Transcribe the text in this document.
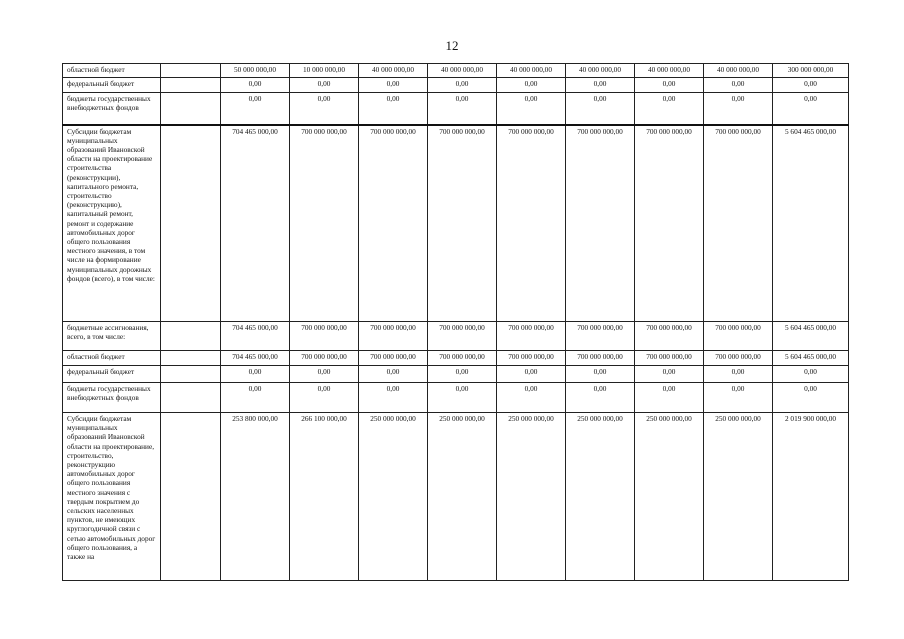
12
областной бюджет		50 000 000,00	10 000 000,00	40 000 000,00	40 000 000,00	40 000 000,00	40 000 000,00	40 000 000,00	40 000 000,00	300 000 000,00
федеральный бюджет		0,00	0,00	0,00	0,00	0,00	0,00	0,00	0,00	0,00
бюджеты государственных внебюджетных фондов		0,00	0,00	0,00	0,00	0,00	0,00	0,00	0,00	0,00
Субсидии бюджетам муниципальных образований Ивановской области на проектирование строительства (реконструкции), капитального ремонта, строительство (реконструкцию), капитальный ремонт, ремонт и содержание автомобильных дорог общего пользования местного значения, в том числе на формирование муниципальных дорожных фондов (всего), в том числе:		704 465 000,00	700 000 000,00	700 000 000,00	700 000 000,00	700 000 000,00	700 000 000,00	700 000 000,00	700 000 000,00	5 604 465 000,00
бюджетные ассигнования, всего, в том числе:		704 465 000,00	700 000 000,00	700 000 000,00	700 000 000,00	700 000 000,00	700 000 000,00	700 000 000,00	700 000 000,00	5 604 465 000,00
областной бюджет		704 465 000,00	700 000 000,00	700 000 000,00	700 000 000,00	700 000 000,00	700 000 000,00	700 000 000,00	700 000 000,00	5 604 465 000,00
федеральный бюджет		0,00	0,00	0,00	0,00	0,00	0,00	0,00	0,00	0,00
бюджеты государственных внебюджетных фондов		0,00	0,00	0,00	0,00	0,00	0,00	0,00	0,00	0,00
Субсидии бюджетам муниципальных образований Ивановской области на проектирование, строительство, реконструкцию автомобильных дорог общего пользования местного значения с твердым покрытием до сельских населенных пунктов, не имеющих круглогодичной связи с сетью автомобильных дорог общего пользования, а также на		253 800 000,00	266 100 000,00	250 000 000,00	250 000 000,00	250 000 000,00	250 000 000,00	250 000 000,00	250 000 000,00	2 019 900 000,00
